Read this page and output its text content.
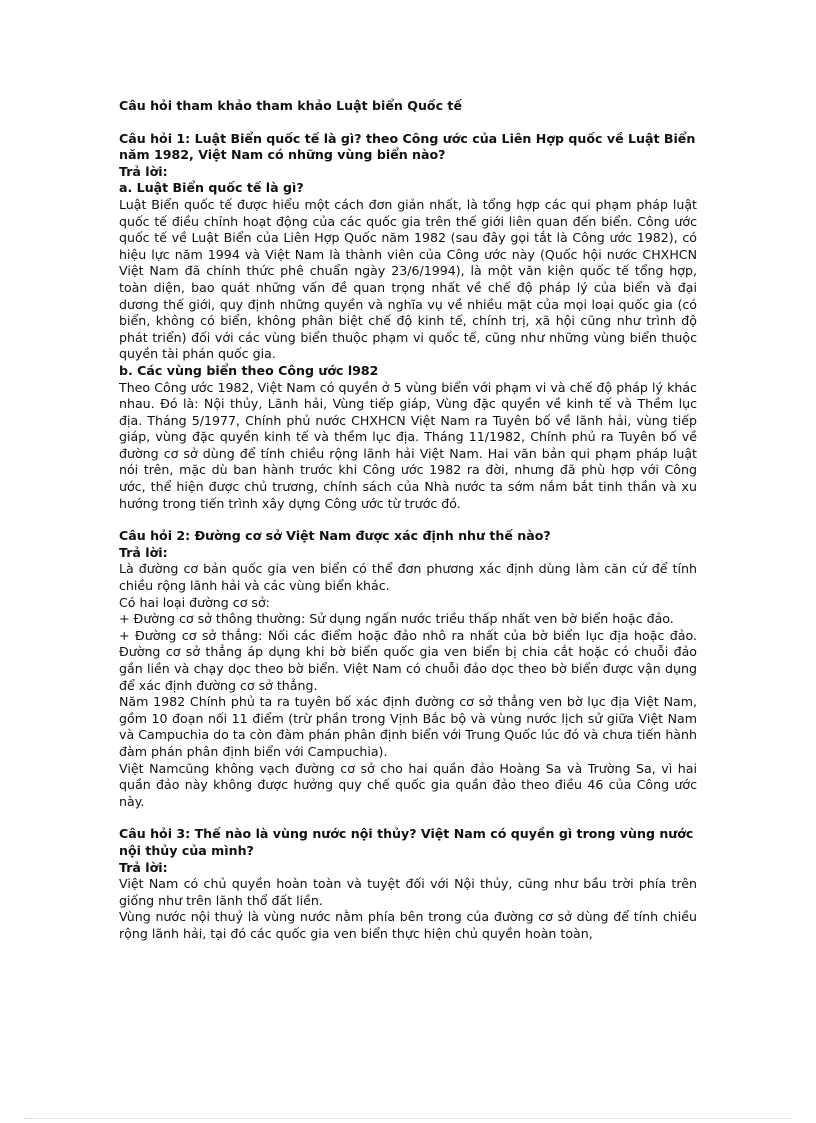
Câu hỏi tham khảo tham khảo Luật biển Quốc tế

Câu hỏi 1: Luật Biển quốc tế là gì? theo Công ước của Liên Hợp quốc về Luật Biển năm 1982, Việt Nam có những vùng biển nào?

Trả lời:

a. Luật Biển quốc tế là gì?

Luật Biển quốc tế được hiểu một cách đơn giản nhất, là tổng hợp các qui phạm pháp luật quốc tế điều chỉnh hoạt động của các quốc gia trên thế giới liên quan đến biển. Công ước quốc tế về Luật Biển của Liên Hợp Quốc năm 1982 (sau đây gọi tắt là Công ước 1982), có hiệu lực năm 1994 và Việt Nam là thành viên của Công ước này (Quốc hội nước CHXHCN Việt Nam đã chính thức phê chuẩn ngày 23/6/1994), là một văn kiện quốc tế tổng hợp, toàn diện, bao quát những vấn đề quan trọng nhất về chế độ pháp lý của biển và đại dương thế giới, quy định những quyền và nghĩa vụ về nhiều mặt của mọi loại quốc gia (có biển, không có biển, không phân biệt chế độ kinh tế, chính trị, xã hội cũng như trình độ phát triển) đối với các vùng biển thuộc phạm vi quốc tế, cũng như những vùng biển thuộc quyền tài phán quốc gia.

b. Các vùng biển theo Công ước l982

Theo Công ước 1982, Việt Nam có quyền ở 5 vùng biển với phạm vi và chế độ pháp lý khác nhau. Đó là: Nội thủy, Lãnh hải, Vùng tiếp giáp, Vùng đặc quyền về kinh tế và Thềm lục địa. Tháng 5/1977, Chính phủ nước CHXHCN Việt Nam ra Tuyên bố về lãnh hải, vùng tiếp giáp, vùng đặc quyền kinh tế và thềm lục địa. Tháng 11/1982, Chính phủ ra Tuyên bố về đường cơ sở dùng để tính chiều rộng lãnh hải Việt Nam. Hai văn bản qui phạm pháp luật nói trên, mặc dù ban hành trước khi Công ước 1982 ra đời, nhưng đã phù hợp với Công ước, thể hiện được chủ trương, chính sách của Nhà nước ta sớm nắm bắt tinh thần và xu hướng trong tiến trình xây dựng Công ước từ trước đó.

Câu hỏi 2: Đường cơ sở Việt Nam được xác định như thế nào?

Trả lời:

Là đường cơ bản quốc gia ven biển có thể đơn phương xác định dùng làm căn cứ để tính chiều rộng lãnh hải và các vùng biển khác.

Có hai loại đường cơ sở:

+ Đường cơ sở thông thường: Sử dụng ngấn nước triều thấp nhất ven bờ biển hoặc đảo.

+ Đường cơ sở thẳng: Nối các điểm hoặc đảo nhô ra nhất của bờ biển lục địa hoặc đảo. Đường cơ sở thẳng áp dụng khi bờ biển quốc gia ven biển bị chia cắt hoặc có chuỗi đảo gần liền và chạy dọc theo bờ biển. Việt Nam có chuỗi đảo dọc theo bờ biển được vận dụng để xác định đường cơ sở thẳng.

Năm 1982 Chính phủ ta ra tuyên bố xác định đường cơ sở thẳng ven bờ lục địa Việt Nam, gồm 10 đoạn nối 11 điểm (trừ phần trong Vịnh Bắc bộ và vùng nước lịch sử giữa Việt Nam và Campuchia do ta còn đàm phán phân định biển với Trung Quốc lúc đó và chưa tiến hành đàm phán phân định biển với Campuchia).

Việt Namcũng không vạch đường cơ sở cho hai quần đảo Hoàng Sa và Trường Sa, vì hai quần đảo này không được hưởng quy chế quốc gia quần đảo theo điều 46 của Công ước này.

Câu hỏi 3: Thế nào là vùng nước nội thủy? Việt Nam có quyền gì trong vùng nước nội thủy của mình?

Trả lời:

Việt Nam có chủ quyền hoàn toàn và tuyệt đối với Nội thủy, cũng như bầu trời phía trên giống như trên lãnh thổ đất liền.

Vùng nước nội thuỷ là vùng nước nằm phía bên trong của đường cơ sở dùng để tính chiều rộng lãnh hải, tại đó các quốc gia ven biển thực hiện chủ quyền hoàn toàn,
